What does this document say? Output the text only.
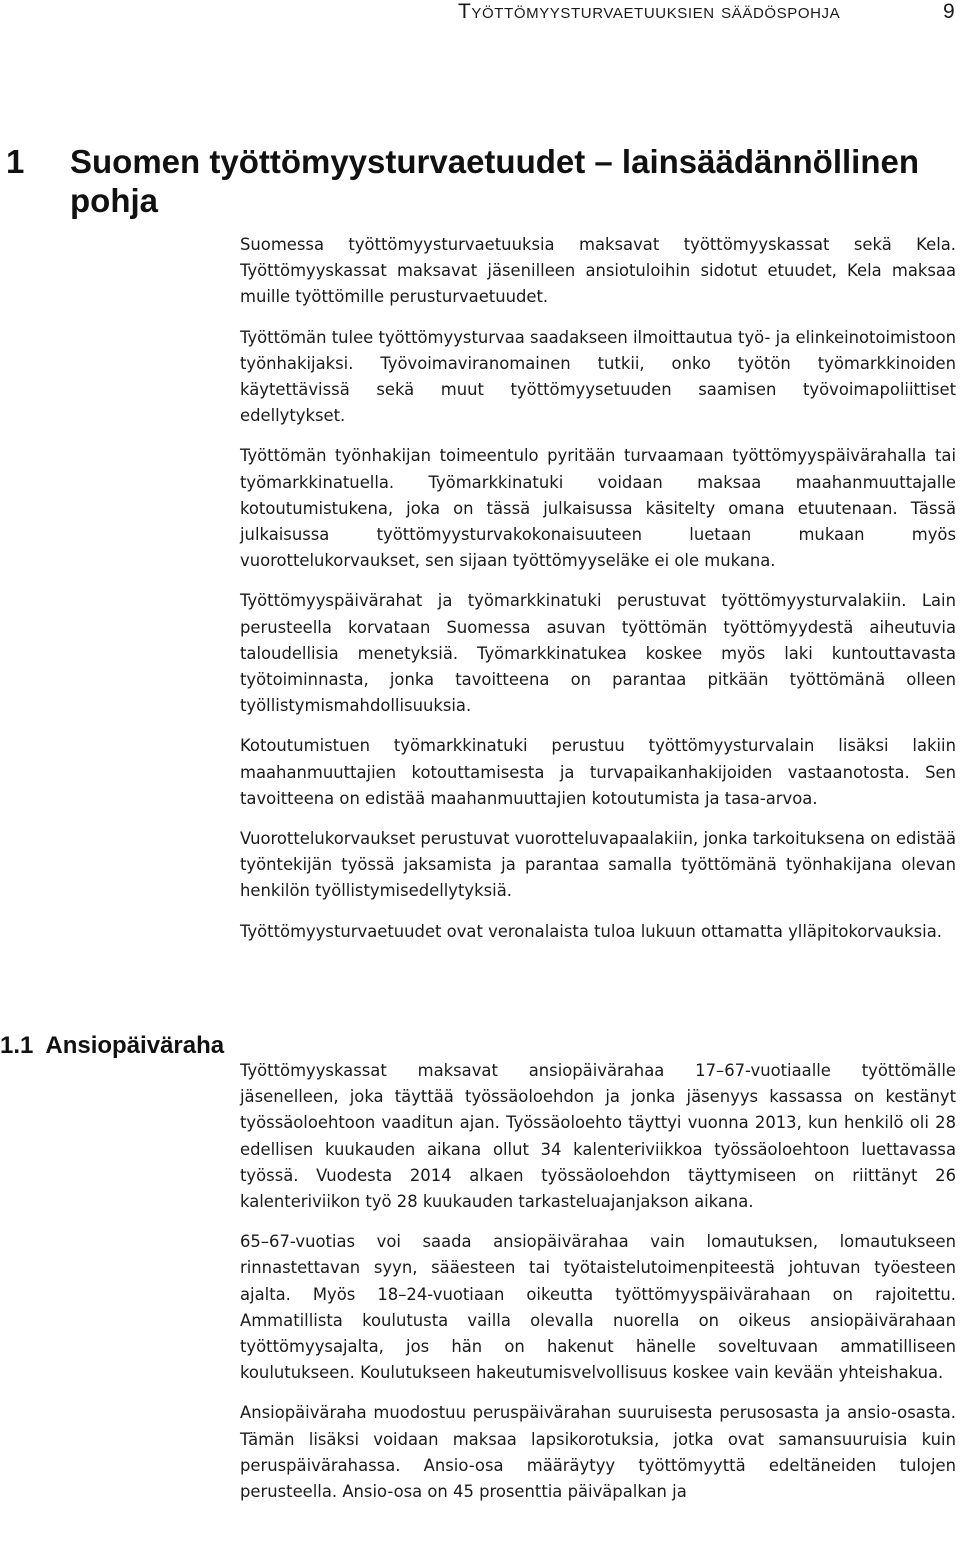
Työttömyysturvaetuuksien säädöspohja	9
1 Suomen työttömyysturvaetuudet – lainsäädännöllinen pohja

Suomessa työttömyysturvaetuuksia maksavat työttömyyskassat sekä Kela. Työttömyyskassat maksavat jäsenilleen ansiotuloihin sidotut etuudet, Kela maksaa muille työttömille perusturvaetuudet.

Työttömän tulee työttömyysturvaa saadakseen ilmoittautua työ- ja elinkeinotoimistoon työnhakijaksi. Työvoimaviranomainen tutkii, onko työtön työmarkkinoiden käytettävissä sekä muut työttömyysetuuden saamisen työvoimapoliittiset edellytykset.

Työttömän työnhakijan toimeentulo pyritään turvaamaan työttömyyspäivärahalla tai työmarkkinatuella. Työmarkkinatuki voidaan maksaa maahanmuuttajalle kotoutumistukena, joka on tässä julkaisussa käsitelty omana etuutenaan. Tässä julkaisussa työttömyysturvakokonaisuuteen luetaan mukaan myös vuorottelukorvaukset, sen sijaan työttömyyseläke ei ole mukana.

Työttömyyspäivärahat ja työmarkkinatuki perustuvat työttömyysturvalakiin. Lain perusteella korvataan Suomessa asuvan työttömän työttömyydestä aiheutuvia taloudellisia menetyksiä. Työmarkkinatukea koskee myös laki kuntouttavasta työtoiminnasta, jonka tavoitteena on parantaa pitkään työttömänä olleen työllistymismahdollisuuksia.

Kotoutumistuen työmarkkinatuki perustuu työttömyysturvalain lisäksi lakiin maahanmuuttajien kotouttamisesta ja turvapaikanhakijoiden vastaanotosta. Sen tavoitteena on edistää maahanmuuttajien kotoutumista ja tasa-arvoa.

Vuorottelukorvaukset perustuvat vuorotteluvapaalakiin, jonka tarkoituksena on edistää työntekijän työssä jaksamista ja parantaa samalla työttömänä työnhakijana olevan henkilön työllistymisedellytyksiä.

Työttömyysturvaetuudet ovat veronalaista tuloa lukuun ottamatta ylläpitokorvauksia.

1.1 Ansiopäiväraha

Työttömyyskassat maksavat ansiopäivärahaa 17–67-vuotiaalle työttömälle jäsenelleen, joka täyttää työssäoloehdon ja jonka jäsenyys kassassa on kestänyt työssäoloehtoon vaaditun ajan. Työssäoloehto täyttyi vuonna 2013, kun henkilö oli 28 edellisen kuukauden aikana ollut 34 kalenteriviikkoa työssäoloehtoon luettavassa työssä. Vuodesta 2014 alkaen työssäoloehdon täyttymiseen on riittänyt 26 kalenteriviikon työ 28 kuukauden tarkasteluajanjakson aikana.

65–67-vuotias voi saada ansiopäivärahaa vain lomautuksen, lomautukseen rinnastettavan syyn, sääesteen tai työtaistelutoimenpiteestä johtuvan työesteen ajalta. Myös 18–24-vuotiaan oikeutta työttömyyspäivärahaan on rajoitettu. Ammatillista koulutusta vailla olevalla nuorella on oikeus ansiopäivärahaan työttömyysajalta, jos hän on hakenut hänelle soveltuvaan ammatilliseen koulutukseen. Koulutukseen hakeutumisvelvollisuus koskee vain kevään yhteishakua.

Ansiopäiväraha muodostuu peruspäivärahan suuruisesta perusosasta ja ansio-osasta. Tämän lisäksi voidaan maksaa lapsikorotuksia, jotka ovat samansuuruisia kuin peruspäivärahassa. Ansio-osa määräytyy työttömyyttä edeltäneiden tulojen perusteella. Ansio-osa on 45 prosenttia päiväpalkan ja
